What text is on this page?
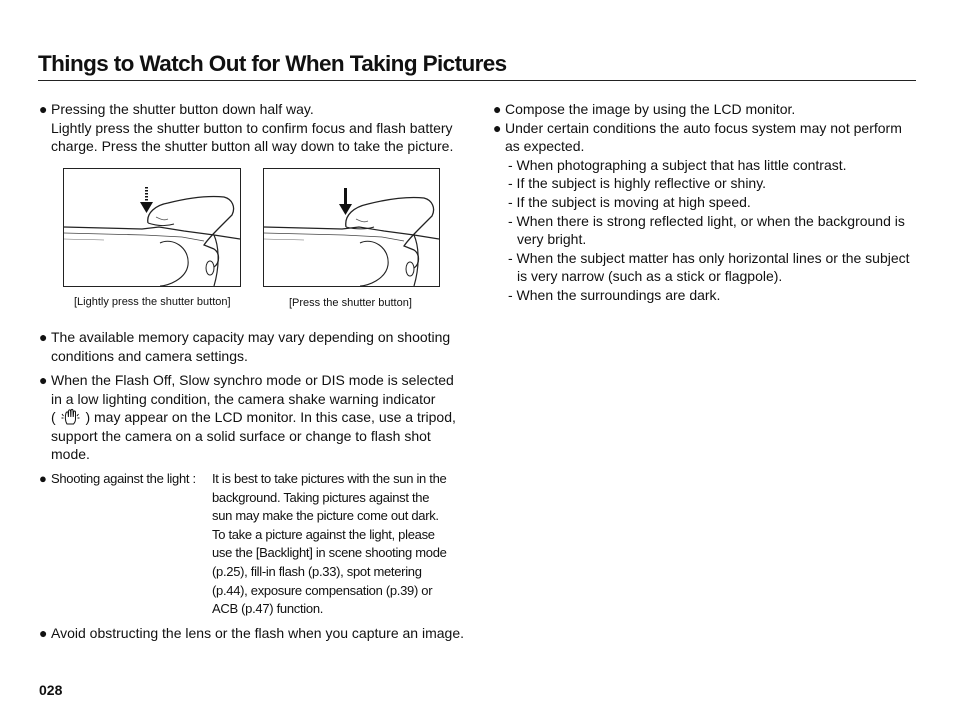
Things to Watch Out for When Taking Pictures
● Pressing the shutter button down half way.
Lightly press the shutter button to confirm focus and flash battery
charge. Press the shutter button all way down to take the picture.
[Lightly press the shutter button]	[Press the shutter button]
● The available memory capacity may vary depending on shooting
conditions and camera settings.
● When the Flash Off, Slow synchro mode or DIS mode is selected
in a low lighting condition, the camera shake warning indicator
( ) may appear on the LCD monitor. In this case, use a tripod,
support the camera on a solid surface or change to flash shot
mode.
● Shooting against the light :	It is best to take pictures with the sun in the
background. Taking pictures against the
sun may make the picture come out dark.
To take a picture against the light, please
use the [Backlight] in scene shooting mode
(p.25), fill-in flash (p.33), spot metering
(p.44), exposure compensation (p.39) or
ACB (p.47) function.
● Avoid obstructing the lens or the flash when you capture an image.
● Compose the image by using the LCD monitor.
● Under certain conditions the auto focus system may not perform
as expected.
- When photographing a subject that has little contrast.
- If the subject is highly reflective or shiny.
- If the subject is moving at high speed.
- When there is strong reflected light, or when the background is
very bright.
- When the subject matter has only horizontal lines or the subject
is very narrow (such as a stick or flagpole).
- When the surroundings are dark.
028
